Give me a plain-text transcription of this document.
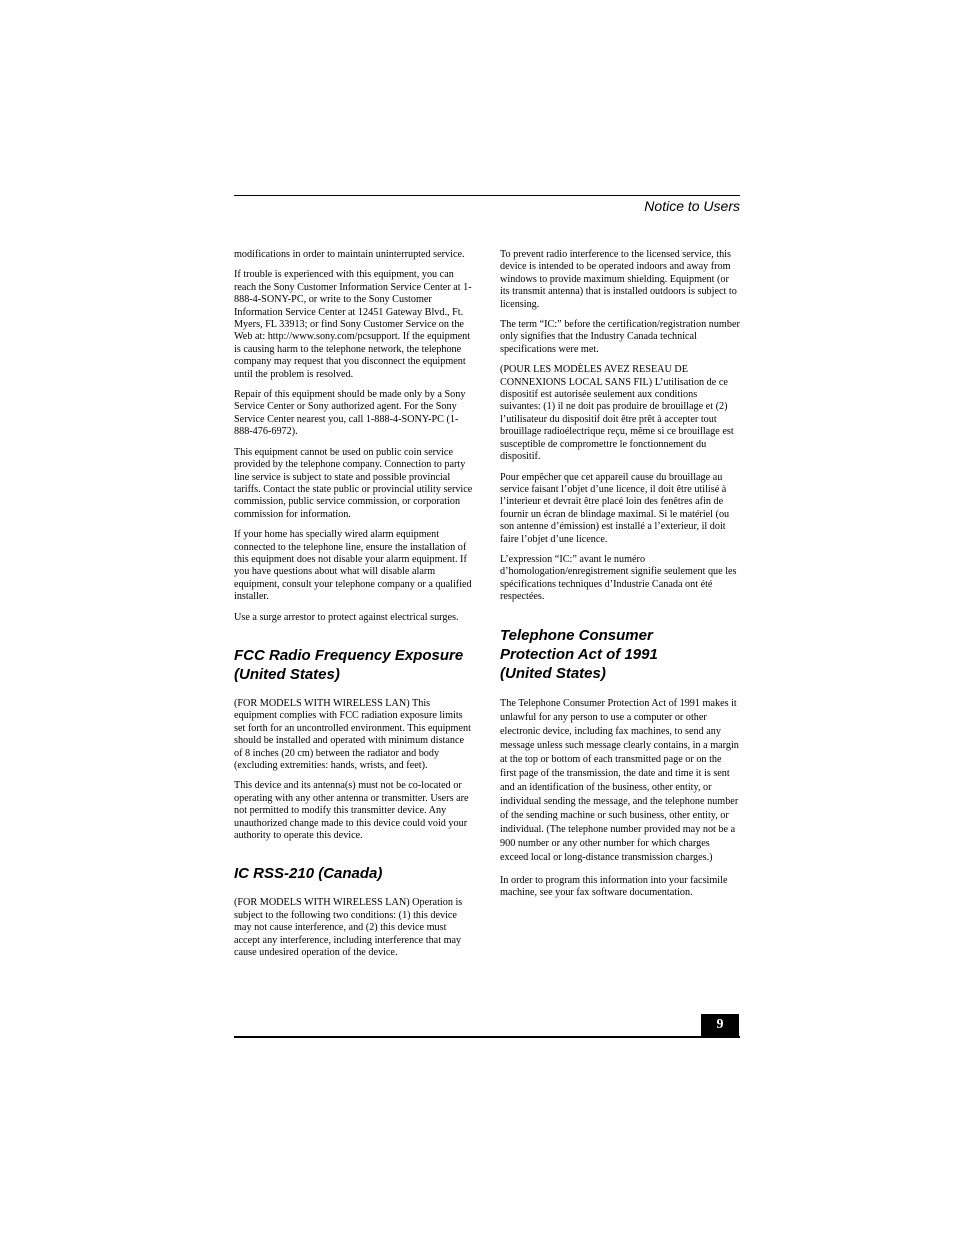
Notice to Users

modifications in order to maintain uninterrupted service.

If trouble is experienced with this equipment, you can reach the Sony Customer Information Service Center at 1-888-4-SONY-PC, or write to the Sony Customer Information Service Center at 12451 Gateway Blvd., Ft. Myers, FL 33913; or find Sony Customer Service on the Web at: http://www.sony.com/pcsupport. If the equipment is causing harm to the telephone network, the telephone company may request that you disconnect the equipment until the problem is resolved.

Repair of this equipment should be made only by a Sony Service Center or Sony authorized agent. For the Sony Service Center nearest you, call 1-888-4-SONY-PC (1-888-476-6972).

This equipment cannot be used on public coin service provided by the telephone company. Connection to party line service is subject to state and possible provincial tariffs. Contact the state public or provincial utility service commission, public service commission, or corporation commission for information.

If your home has specially wired alarm equipment connected to the telephone line, ensure the installation of this equipment does not disable your alarm equipment. If you have questions about what will disable alarm equipment, consult your telephone company or a qualified installer.

Use a surge arrestor to protect against electrical surges.

FCC Radio Frequency Exposure
(United States)

(FOR MODELS WITH WIRELESS LAN) This equipment complies with FCC radiation exposure limits set forth for an uncontrolled environment. This equipment should be installed and operated with minimum distance of 8 inches (20 cm) between the radiator and body (excluding extremities: hands, wrists, and feet).

This device and its antenna(s) must not be co-located or operating with any other antenna or transmitter. Users are not permitted to modify this transmitter device. Any unauthorized change made to this device could void your authority to operate this device.

IC RSS-210 (Canada)

(FOR MODELS WITH WIRELESS LAN) Operation is subject to the following two conditions: (1) this device may not cause interference, and (2) this device must accept any interference, including interference that may cause undesired operation of the device.

To prevent radio interference to the licensed service, this device is intended to be operated indoors and away from windows to provide maximum shielding. Equipment (or its transmit antenna) that is installed outdoors is subject to licensing.

The term “IC:” before the certification/registration number only signifies that the Industry Canada technical specifications were met.

(POUR LES MODÈLES AVEZ RESEAU DE CONNEXIONS LOCAL SANS FIL) L’utilisation de ce dispositif est autorisée seulement aux conditions suivantes: (1) il ne doit pas produire de brouillage et (2) l’utilisateur du dispositif doit être prêt à accepter tout brouillage radioélectrique reçu, même si ce brouillage est susceptible de compromettre le fonctionnement du dispositif.

Pour empêcher que cet appareil cause du brouillage au service faisant l’objet d’une licence, il doit être utilisé à l’interieur et devrait être placé loin des fenêtres afin de fournir un écran de blindage maximal. Si le matériel (ou son antenne d’émission) est installé a l’exterieur, il doit faire l’objet d’une licence.

L’expression “IC:” avant le numéro d’homologation/enregistrement signifie seulement que les spécifications techniques d’Industrie Canada ont été respectées.

Telephone Consumer
Protection Act of 1991
(United States)

The Telephone Consumer Protection Act of 1991 makes it unlawful for any person to use a computer or other electronic device, including fax machines, to send any message unless such message clearly contains, in a margin at the top or bottom of each transmitted page or on the first page of the transmission, the date and time it is sent and an identification of the business, other entity, or individual sending the message, and the telephone number of the sending machine or such business, other entity, or individual. (The telephone number provided may not be a 900 number or any other number for which charges exceed local or long-distance transmission charges.)

In order to program this information into your facsimile machine, see your fax software documentation.

9
